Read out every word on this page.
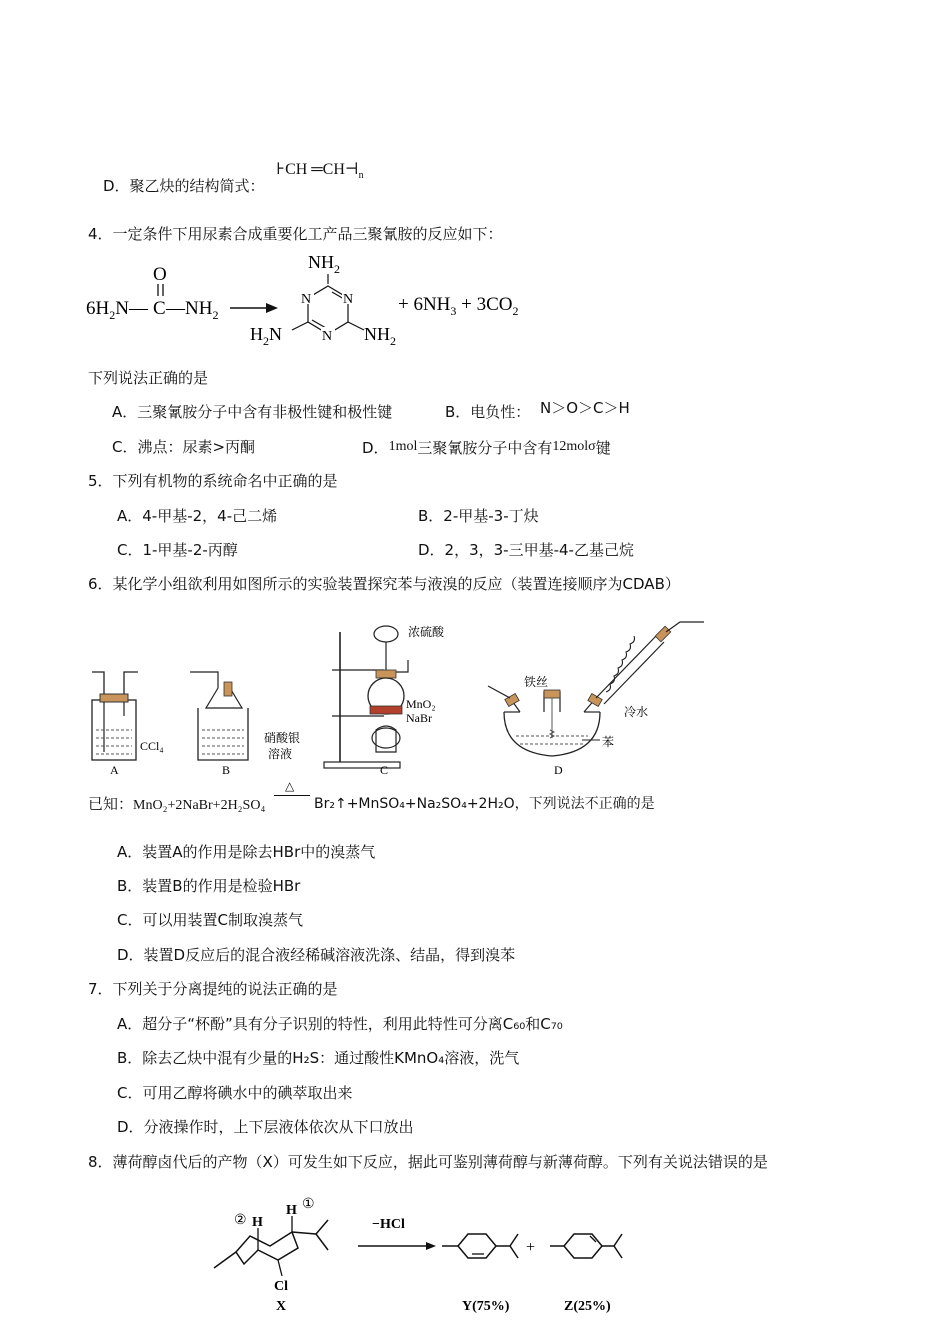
D．聚乙炔的结构简式：
⊦CH $═CH⊣_n$
4．一定条件下用尿素合成重要化工产品三聚氰胺的反应如下：
$6H_2N—$ C
O
$—NH_2$
$NH_2$
N N
N
$H_2N$	$NH_2$
+ $6NH_3 + 3CO_2$
下列说法正确的是
A．三聚氰胺分子中含有非极性键和极性键	B．电负性： N＞O＞C＞H
C．沸点：尿素>丙酮	D．1mol三聚氰胺分子中含有12molσ键
5．下列有机物的系统命名中正确的是
A．4-甲基-2，4-己二烯	B．2-甲基-3-丁炔
C．1-甲基-2-丙醇	D．2，3，3-三甲基-4-乙基己烷
6．某化学小组欲利用如图所示的实验装置探究苯与液溴的反应（装置连接顺序为CDAB）
CCl₄
A
硝酸银
溶液
B
浓硫酸
MnO₂
NaBr
C
铁丝
冷水
苯
D
已知：MnO₂+2NaBr+2H₂SO₄
△
Br₂↑+MnSO₄+Na₂SO₄+2H₂O，下列说法不正确的是
A．装置A的作用是除去HBr中的溴蒸气
B．装置B的作用是检验HBr
C．可以用装置C制取溴蒸气
D．装置D反应后的混合液经稀碱溶液洗涤、结晶，得到溴苯
7．下列关于分离提纯的说法正确的是
A．超分子“杯酚”具有分子识别的特性，利用此特性可分离C₆₀和C₇₀
B．除去乙炔中混有少量的H₂S：通过酸性KMnO₄溶液，洗气
C．可用乙醇将碘水中的碘萃取出来
D．分液操作时，上下层液体依次从下口放出
8．薄荷醇卤代后的产物（X）可发生如下反应，据此可鉴别薄荷醇与新薄荷醇。下列有关说法错误的是
H
H
②
①
Cl
X
−HCl
Y(75%)
+
Z(25%)
